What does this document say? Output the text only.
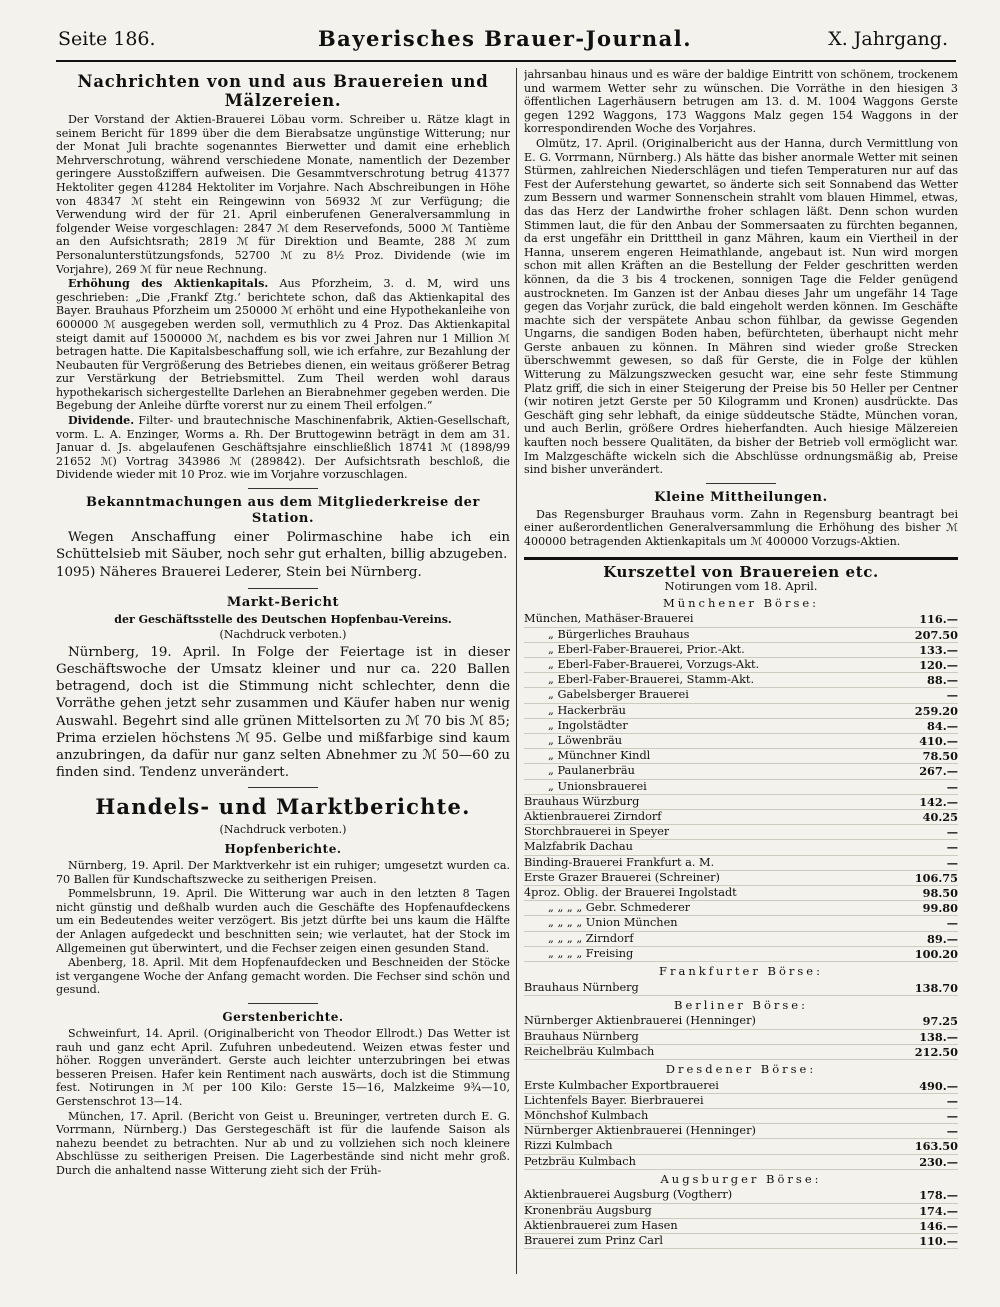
Seite 186.	Bayerisches Brauer-Journal.	X. Jahrgang.
Nachrichten von und aus Brauereien und Mälzereien.

Der Vorstand der Aktien-Brauerei Löbau vorm. Schreiber u. Rätze klagt in seinem Bericht für 1899 über die dem Bierabsatze ungünstige Witterung; nur der Monat Juli brachte sogenanntes Bierwetter und damit eine erheblich Mehrverschrotung, während verschiedene Monate, namentlich der Dezember geringere Ausstoßziffern aufweisen. Die Gesammtverschrotung betrug 41377 Hektoliter gegen 41284 Hektoliter im Vorjahre. Nach Abschreibungen in Höhe von 48347 ℳ steht ein Reingewinn von 56932 ℳ zur Verfügung; die Verwendung wird der für 21. April einberufenen Generalversammlung in folgender Weise vorgeschlagen: 2847 ℳ dem Reservefonds, 5000 ℳ Tantième an den Aufsichtsrath; 2819 ℳ für Direktion und Beamte, 288 ℳ zum Personalunterstützungsfonds, 52700 ℳ zu 8½ Proz. Dividende (wie im Vorjahre), 269 ℳ für neue Rechnung.

Erhöhung des Aktienkapitals. Aus Pforzheim, 3. d. M, wird uns geschrieben: „Die ‚Frankf Ztg.‘ berichtete schon, daß das Aktienkapital des Bayer. Brauhaus Pforzheim um 250000 ℳ erhöht und eine Hypothekanleihe von 600000 ℳ ausgegeben werden soll, vermuthlich zu 4 Proz. Das Aktienkapital steigt damit auf 1500000 ℳ, nachdem es bis vor zwei Jahren nur 1 Million ℳ betragen hatte. Die Kapitalsbeschaffung soll, wie ich erfahre, zur Bezahlung der Neubauten für Vergrößerung des Betriebes dienen, ein weitaus größerer Betrag zur Verstärkung der Betriebsmittel. Zum Theil werden wohl daraus hypothekarisch sichergestellte Darlehen an Bierabnehmer gegeben werden. Die Begebung der Anleihe dürfte vorerst nur zu einem Theil erfolgen.“

Dividende. Filter- und brautechnische Maschinenfabrik, Aktien-Gesellschaft, vorm. L. A. Enzinger, Worms a. Rh. Der Bruttogewinn beträgt in dem am 31. Januar d. Js. abgelaufenen Geschäftsjahre einschließlich 18741 ℳ (1898/99 21652 ℳ) Vortrag 343986 ℳ (289842). Der Aufsichtsrath beschloß, die Dividende wieder mit 10 Proz. wie im Vorjahre vorzuschlagen.

Bekanntmachungen aus dem Mitgliederkreise der Station.

Wegen Anschaffung einer Polirmaschine habe ich ein Schüttelsieb mit Säuber, noch sehr gut erhalten, billig abzugeben.

1095) Näheres Brauerei Lederer, Stein bei Nürnberg.

Markt-Bericht
der Geschäftsstelle des Deutschen Hopfenbau-Vereins.
(Nachdruck verboten.)

Nürnberg, 19. April. In Folge der Feiertage ist in dieser Geschäftswoche der Umsatz kleiner und nur ca. 220 Ballen betragend, doch ist die Stimmung nicht schlechter, denn die Vorräthe gehen jetzt sehr zusammen und Käufer haben nur wenig Auswahl. Begehrt sind alle grünen Mittelsorten zu ℳ 70 bis ℳ 85; Prima erzielen höchstens ℳ 95. Gelbe und mißfarbige sind kaum anzubringen, da dafür nur ganz selten Abnehmer zu ℳ 50—60 zu finden sind. Tendenz unverändert.

Handels- und Marktberichte.
(Nachdruck verboten.)
Hopfenberichte.

Nürnberg, 19. April. Der Marktverkehr ist ein ruhiger; umgesetzt wurden ca. 70 Ballen für Kundschaftszwecke zu seitherigen Preisen.

Pommelsbrunn, 19. April. Die Witterung war auch in den letzten 8 Tagen nicht günstig und deßhalb wurden auch die Geschäfte des Hopfenaufdeckens um ein Bedeutendes weiter verzögert. Bis jetzt dürfte bei uns kaum die Hälfte der Anlagen aufgedeckt und beschnitten sein; wie verlautet, hat der Stock im Allgemeinen gut überwintert, und die Fechser zeigen einen gesunden Stand.

Abenberg, 18. April. Mit dem Hopfenaufdecken und Beschneiden der Stöcke ist vergangene Woche der Anfang gemacht worden. Die Fechser sind schön und gesund.

Gerstenberichte.

Schweinfurt, 14. April. (Originalbericht von Theodor Ellrodt.) Das Wetter ist rauh und ganz echt April. Zufuhren unbedeutend. Weizen etwas fester und höher. Roggen unverändert. Gerste auch leichter unterzubringen bei etwas besseren Preisen. Hafer kein Rentiment nach auswärts, doch ist die Stimmung fest. Notirungen in ℳ per 100 Kilo: Gerste 15—16, Malzkeime 9¾—10, Gerstenschrot 13—14.

München, 17. April. (Bericht von Geist u. Breuninger, vertreten durch E. G. Vorrmann, Nürnberg.) Das Gerstegeschäft ist für die laufende Saison als nahezu beendet zu betrachten. Nur ab und zu vollziehen sich noch kleinere Abschlüsse zu seitherigen Preisen. Die Lagerbestände sind nicht mehr groß. Durch die anhaltend nasse Witterung zieht sich der Früh-

jahrsanbau hinaus und es wäre der baldige Eintritt von schönem, trockenem und warmem Wetter sehr zu wünschen. Die Vorräthe in den hiesigen 3 öffentlichen Lagerhäusern betrugen am 13. d. M. 1004 Waggons Gerste gegen 1292 Waggons, 173 Waggons Malz gegen 154 Waggons in der korrespondirenden Woche des Vorjahres.

Olmütz, 17. April. (Originalbericht aus der Hanna, durch Vermittlung von E. G. Vorrmann, Nürnberg.) Als hätte das bisher anormale Wetter mit seinen Stürmen, zahlreichen Niederschlägen und tiefen Temperaturen nur auf das Fest der Auferstehung gewartet, so änderte sich seit Sonnabend das Wetter zum Bessern und warmer Sonnenschein strahlt vom blauen Himmel, etwas, das das Herz der Landwirthe froher schlagen läßt. Denn schon wurden Stimmen laut, die für den Anbau der Sommersaaten zu fürchten begannen, da erst ungefähr ein Dritttheil in ganz Mähren, kaum ein Viertheil in der Hanna, unserem engeren Heimathlande, angebaut ist. Nun wird morgen schon mit allen Kräften an die Bestellung der Felder geschritten werden können, da die 3 bis 4 trockenen, sonnigen Tage die Felder genügend austrockneten. Im Ganzen ist der Anbau dieses Jahr um ungefähr 14 Tage gegen das Vorjahr zurück, die bald eingeholt werden können. Im Geschäfte machte sich der verspätete Anbau schon fühlbar, da gewisse Gegenden Ungarns, die sandigen Boden haben, befürchteten, überhaupt nicht mehr Gerste anbauen zu können. In Mähren sind wieder große Strecken überschwemmt gewesen, so daß für Gerste, die in Folge der kühlen Witterung zu Mälzungszwecken gesucht war, eine sehr feste Stimmung Platz griff, die sich in einer Steigerung der Preise bis 50 Heller per Centner (wir notiren jetzt Gerste per 50 Kilogramm und Kronen) ausdrückte. Das Geschäft ging sehr lebhaft, da einige süddeutsche Städte, München voran, und auch Berlin, größere Ordres hieherfandten. Auch hiesige Mälzereien kauften noch bessere Qualitäten, da bisher der Betrieb voll ermöglicht war. Im Malzgeschäfte wickeln sich die Abschlüsse ordnungsmäßig ab, Preise sind bisher unverändert.

Kleine Mittheilungen.

Das Regensburger Brauhaus vorm. Zahn in Regensburg beantragt bei einer außerordentlichen Generalversammlung die Erhöhung des bisher ℳ 400000 betragenden Aktienkapitals um ℳ 400000 Vorzugs-Aktien.

Kurszettel von Brauereien etc.
Notirungen vom 18. April.
Münchener Börse:
München, Mathäser-Brauerei	116.—
„ Bürgerliches Brauhaus	207.50
„ Eberl-Faber-Brauerei, Prior.-Akt.	133.—
„ Eberl-Faber-Brauerei, Vorzugs-Akt.	120.—
„ Eberl-Faber-Brauerei, Stamm-Akt.	88.—
„ Gabelsberger Brauerei	—
„ Hackerbräu	259.20
„ Ingolstädter	84.—
„ Löwenbräu	410.—
„ Münchner Kindl	78.50
„ Paulanerbräu	267.—
„ Unionsbrauerei	—
Brauhaus Würzburg	142.—
Aktienbrauerei Zirndorf	40.25
Storchbrauerei in Speyer	—
Malzfabrik Dachau	—
Binding-Brauerei Frankfurt a. M.	—
Erste Grazer Brauerei (Schreiner)	106.75
4proz. Oblig. der Brauerei Ingolstadt	98.50
„ „ „ „ Gebr. Schmederer	99.80
„ „ „ „ Union München	—
„ „ „ „ Zirndorf	89.—
„ „ „ „ Freising	100.20
Frankfurter Börse:
Brauhaus Nürnberg	138.70
Berliner Börse:
Nürnberger Aktienbrauerei (Henninger)	97.25
Brauhaus Nürnberg	138.—
Reichelbräu Kulmbach	212.50
Dresdener Börse:
Erste Kulmbacher Exportbrauerei	490.—
Lichtenfels Bayer. Bierbrauerei	—
Mönchshof Kulmbach	—
Nürnberger Aktienbrauerei (Henninger)	—
Rizzi Kulmbach	163.50
Petzbräu Kulmbach	230.—
Augsburger Börse:
Aktienbrauerei Augsburg (Vogtherr)	178.—
Kronenbräu Augsburg	174.—
Aktienbrauerei zum Hasen	146.—
Brauerei zum Prinz Carl	110.—
